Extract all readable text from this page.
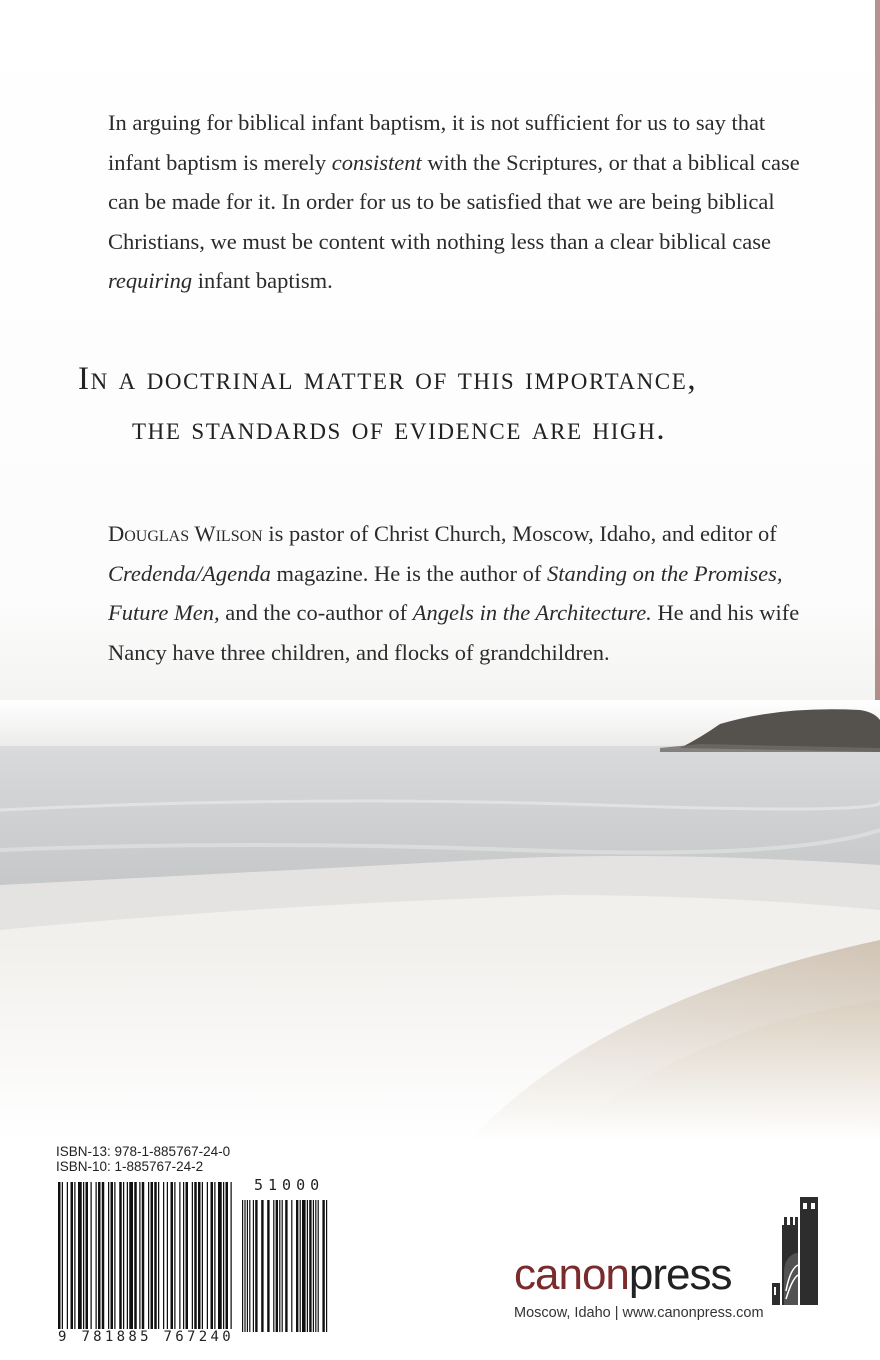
In arguing for biblical infant baptism, it is not sufficient for us to say that infant baptism is merely consistent with the Scriptures, or that a biblical case can be made for it. In order for us to be satisfied that we are being biblical Christians, we must be content with nothing less than a clear biblical case requiring infant baptism.

In a doctrinal matter of this importance,
the standards of evidence are high.

Douglas Wilson is pastor of Christ Church, Moscow, Idaho, and editor of Credenda/Agenda magazine. He is the author of Standing on the Promises, Future Men, and the co-author of Angels in the Architecture. He and his wife Nancy have three children, and flocks of grandchildren.

ISBN-13: 978-1-885767-24-0
ISBN-10: 1-885767-24-2
51000
9 781885 767240
canonpress
Moscow, Idaho | www.canonpress.com
